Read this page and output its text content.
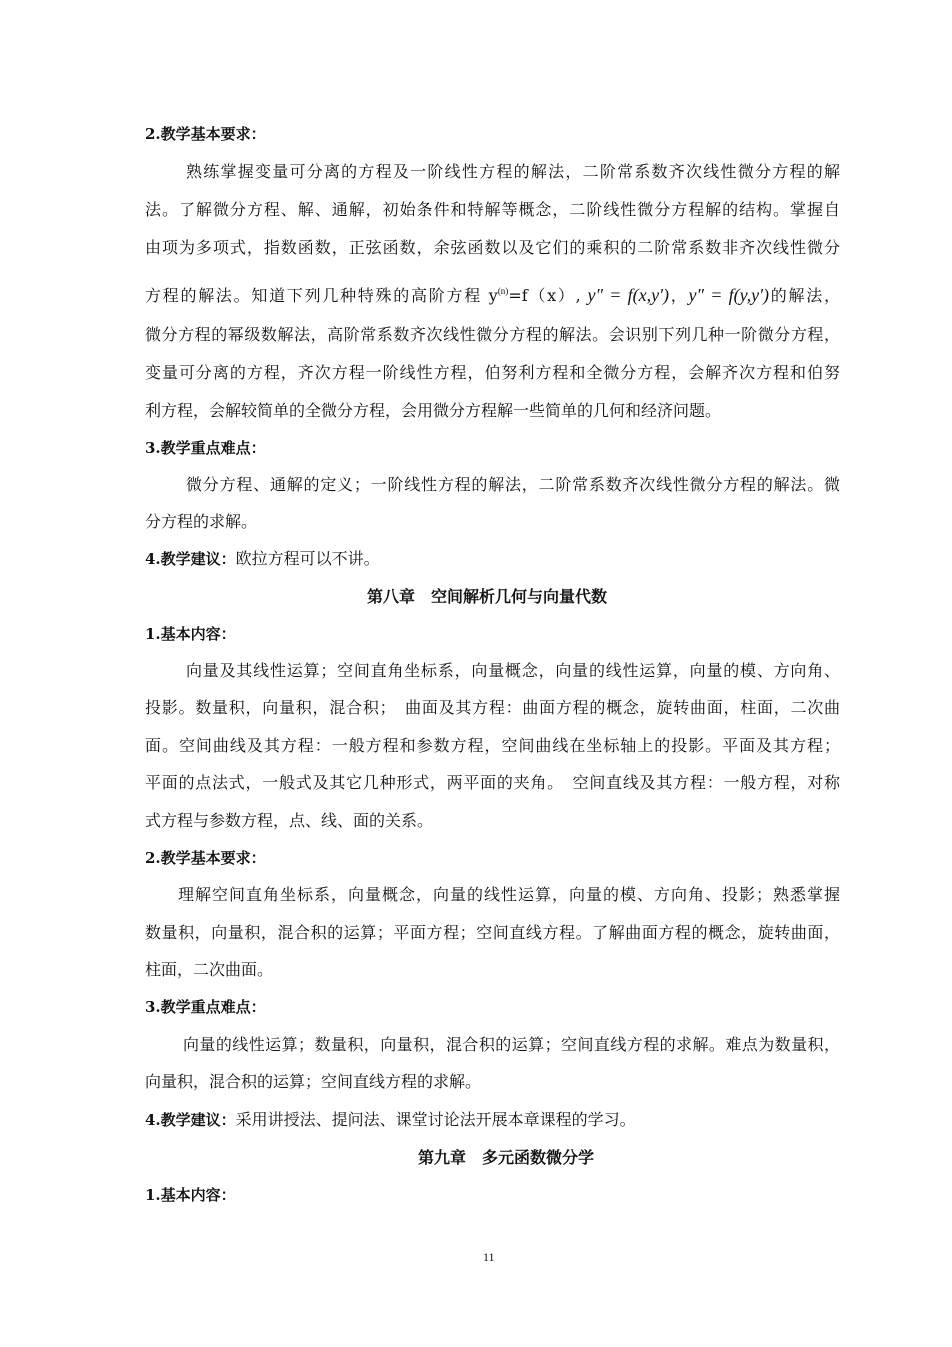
2.教学基本要求：
熟练掌握变量可分离的方程及一阶线性方程的解法，二阶常系数齐次线性微分方程的解
法。了解微分方程、解、通解，初始条件和特解等概念，二阶线性微分方程解的结构。掌握自
由项为多项式，指数函数，正弦函数，余弦函数以及它们的乘积的二阶常系数非齐次线性微分
方程的解法。知道下列几种特殊的高阶方程 $y^{(n)}=f(x)$, y″ = f(x,y′)，y″ = f(y,y′)的解法，
微分方程的幂级数解法，高阶常系数齐次线性微分方程的解法。会识别下列几种一阶微分方程，
变量可分离的方程，齐次方程一阶线性方程，伯努利方程和全微分方程，会解齐次方程和伯努
利方程，会解较简单的全微分方程，会用微分方程解一些简单的几何和经济问题。
3.教学重点难点：
微分方程、通解的定义；一阶线性方程的解法，二阶常系数齐次线性微分方程的解法。微
分方程的求解。
4.教学建议：欧拉方程可以不讲。
第八章　空间解析几何与向量代数
1.基本内容：
向量及其线性运算；空间直角坐标系，向量概念，向量的线性运算，向量的模、方向角、
投影。数量积，向量积，混合积；　曲面及其方程：曲面方程的概念，旋转曲面，柱面，二次曲
面。空间曲线及其方程：一般方程和参数方程，空间曲线在坐标轴上的投影。平面及其方程；
平面的点法式，一般式及其它几种形式，两平面的夹角。　空间直线及其方程：一般方程，对称
式方程与参数方程，点、线、面的关系。
2.教学基本要求：
理解空间直角坐标系，向量概念，向量的线性运算，向量的模、方向角、投影；熟悉掌握
数量积，向量积，混合积的运算；平面方程；空间直线方程。了解曲面方程的概念，旋转曲面，
柱面，二次曲面。
3.教学重点难点：
向量的线性运算；数量积，向量积，混合积的运算；空间直线方程的求解。难点为数量积，
向量积，混合积的运算；空间直线方程的求解。
4.教学建议：采用讲授法、提问法、课堂讨论法开展本章课程的学习。
第九章　多元函数微分学
1.基本内容：
11
